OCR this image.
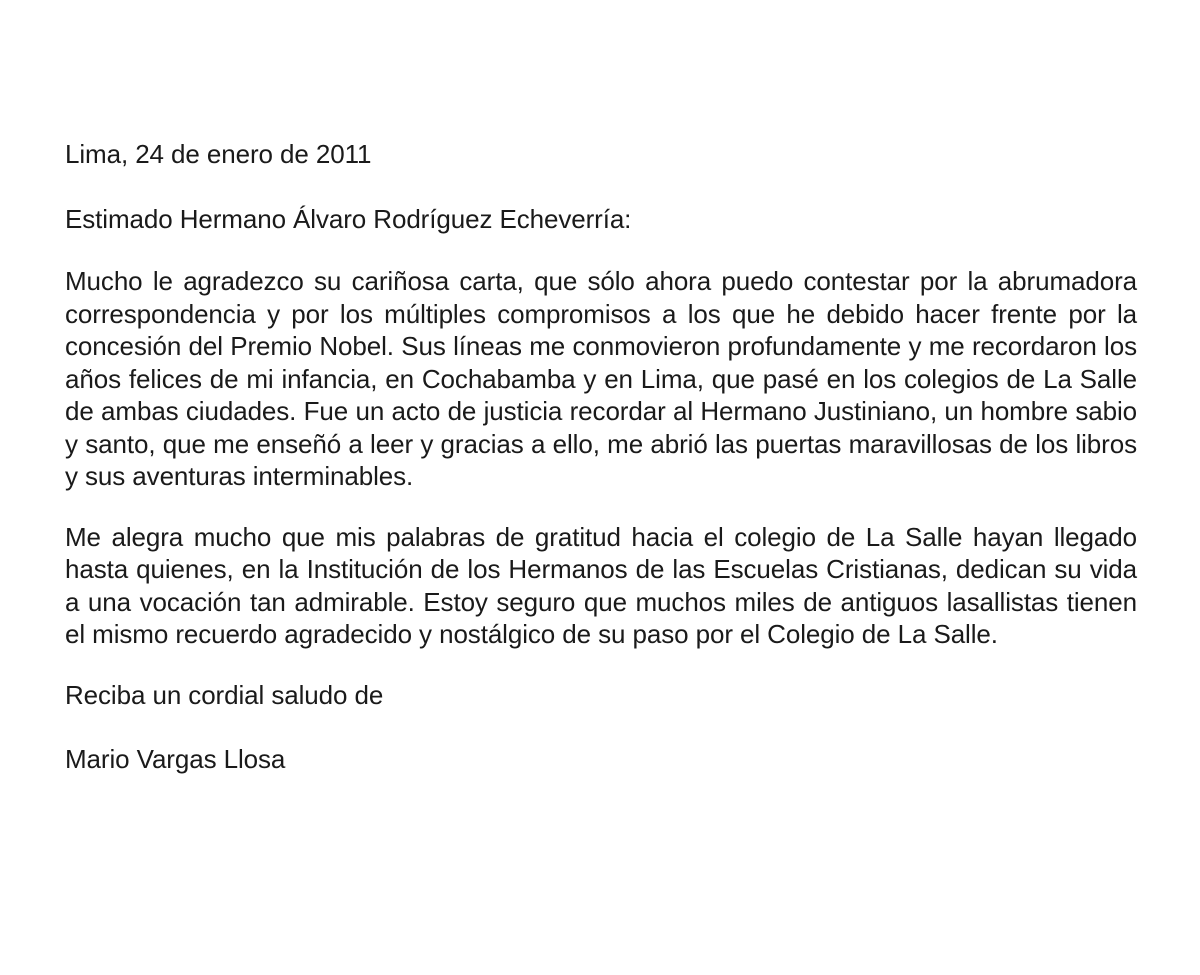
Lima, 24 de enero de 2011

Estimado Hermano Álvaro Rodríguez Echeverría:

Mucho le agradezco su cariñosa carta, que sólo ahora puedo contestar por la abrumadora correspondencia y por los múltiples compromisos a los que he debido hacer frente por la concesión del Premio Nobel. Sus líneas me conmovieron profundamente y me recordaron los años felices de mi infancia, en Cochabamba y en Lima, que pasé en los colegios de La Salle de ambas ciudades. Fue un acto de justicia recordar al Hermano Justiniano, un hombre sabio y santo, que me enseñó a leer y gracias a ello, me abrió las puertas maravillosas de los libros y sus aventuras interminables.

Me alegra mucho que mis palabras de gratitud hacia el colegio de La Salle hayan llegado hasta quienes, en la Institución de los Hermanos de las Escuelas Cristianas, dedican su vida a una vocación tan admirable. Estoy seguro que muchos miles de antiguos lasallistas tienen el mismo recuerdo agradecido y nostálgico de su paso por el Colegio de La Salle.

Reciba un cordial saludo de

Mario Vargas Llosa
